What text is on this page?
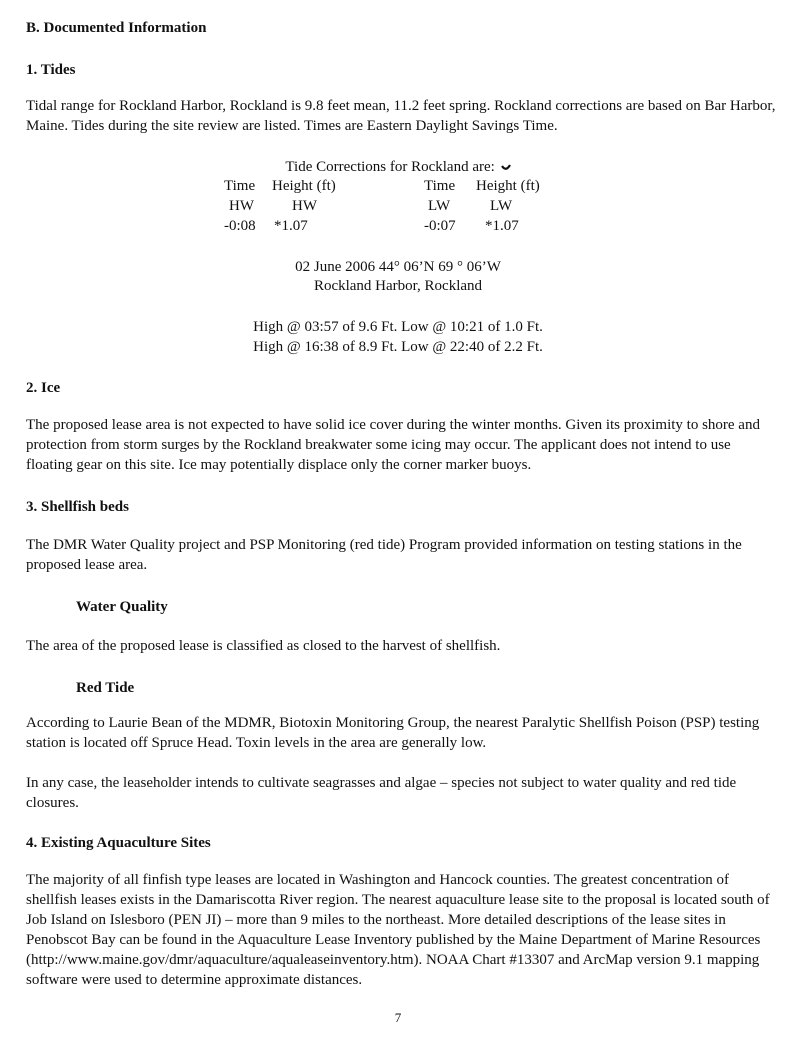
B. Documented Information
1. Tides

Tidal range for Rockland Harbor, Rockland is 9.8 feet mean, 11.2 feet spring. Rockland corrections are based on Bar Harbor, Maine. Tides during the site review are listed. Times are Eastern Daylight Savings Time.

Tide Corrections for Rockland are:
Time	Height (ft)	Time	Height (ft)
HW	HW	LW	LW
-0:08	*1.07	-0:07	*1.07
02 June 2006 44° 06’N 69 ° 06’W
Rockland Harbor, Rockland
High @ 03:57 of 9.6 Ft. Low @ 10:21 of 1.0 Ft.
High @ 16:38 of 8.9 Ft. Low @ 22:40 of 2.2 Ft.
2. Ice

The proposed lease area is not expected to have solid ice cover during the winter months. Given its proximity to shore and protection from storm surges by the Rockland breakwater some icing may occur. The applicant does not intend to use floating gear on this site. Ice may potentially displace only the corner marker buoys.

3. Shellfish beds

The DMR Water Quality project and PSP Monitoring (red tide) Program provided information on testing stations in the proposed lease area.

Water Quality

The area of the proposed lease is classified as closed to the harvest of shellfish.

Red Tide

According to Laurie Bean of the MDMR, Biotoxin Monitoring Group, the nearest Paralytic Shellfish Poison (PSP) testing station is located off Spruce Head. Toxin levels in the area are generally low.

In any case, the leaseholder intends to cultivate seagrasses and algae – species not subject to water quality and red tide closures.

4. Existing Aquaculture Sites

The majority of all finfish type leases are located in Washington and Hancock counties. The greatest concentration of shellfish leases exists in the Damariscotta River region. The nearest aquaculture lease site to the proposal is located south of Job Island on Islesboro (PEN JI) – more than 9 miles to the northeast. More detailed descriptions of the lease sites in Penobscot Bay can be found in the Aquaculture Lease Inventory published by the Maine Department of Marine Resources (http://www.maine.gov/dmr/aquaculture/aqualeaseinventory.htm). NOAA Chart #13307 and ArcMap version 9.1 mapping software were used to determine approximate distances.

7
